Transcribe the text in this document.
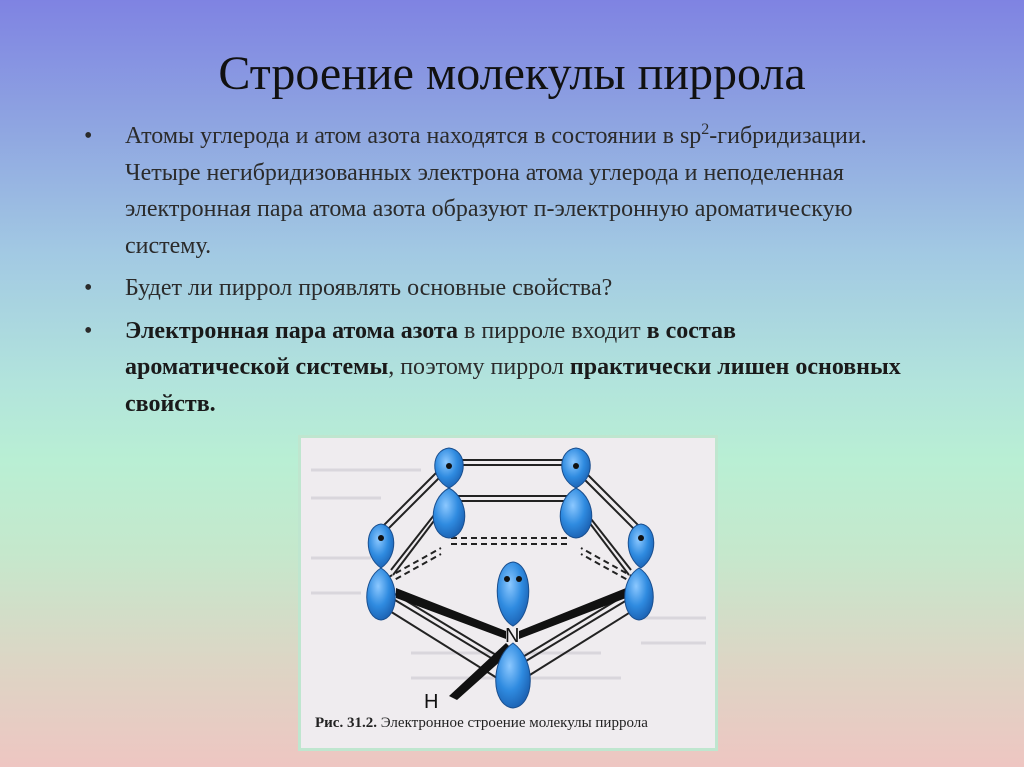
Строение молекулы пиррола
• Атомы углерода и атом азота находятся в состоянии в $sp^2$-гибридизации. Четыре негибридизованных электрона атома углерода и неподеленная электронная пара атома азота образуют п-электронную ароматическую систему.
• Будет ли пиррол проявлять основные свойства?
• Электронная пара атома азота в пирроле входит в состав ароматической системы, поэтому пиррол практически лишен основных свойств.
N
H
Рис. 31.2. Электронное строение молекулы пиррола
